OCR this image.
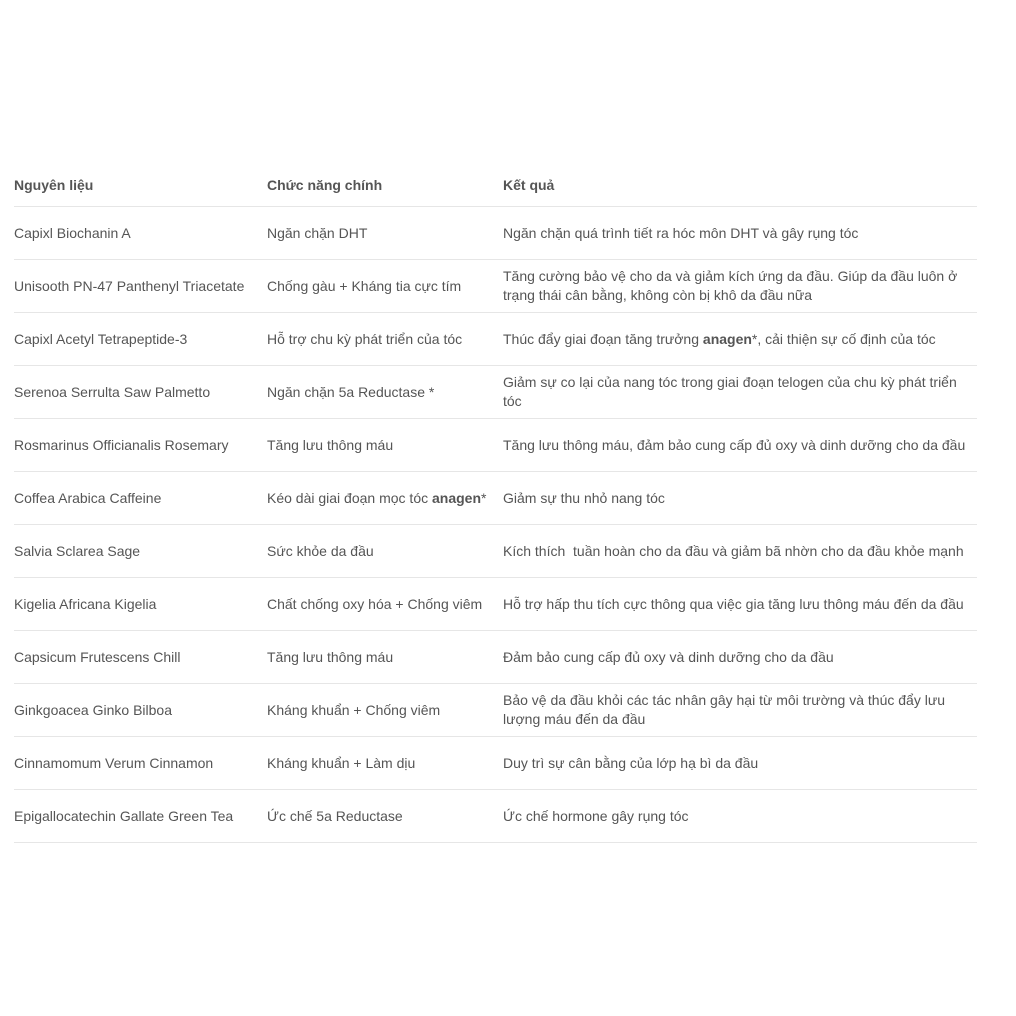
Nguyên liệu	Chức năng chính	Kết quả
Capixl Biochanin A	Ngăn chặn DHT	Ngăn chặn quá trình tiết ra hóc môn DHT và gây rụng tóc
Unisooth PN-47 Panthenyl Triacetate	Chống gàu + Kháng tia cực tím	Tăng cường bảo vệ cho da và giảm kích ứng da đầu. Giúp da đầu luôn ở trạng thái cân bằng, không còn bị khô da đầu nữa
Capixl Acetyl Tetrapeptide-3	Hỗ trợ chu kỳ phát triển của tóc	Thúc đẩy giai đoạn tăng trưởng anagen*, cải thiện sự cố định của tóc
Serenoa Serrulta Saw Palmetto	Ngăn chặn 5a Reductase *	Giảm sự co lại của nang tóc trong giai đoạn telogen của chu kỳ phát triển tóc
Rosmarinus Officianalis Rosemary	Tăng lưu thông máu	Tăng lưu thông máu, đảm bảo cung cấp đủ oxy và dinh dưỡng cho da đầu
Coffea Arabica Caffeine	Kéo dài giai đoạn mọc tóc anagen*	Giảm sự thu nhỏ nang tóc
Salvia Sclarea Sage	Sức khỏe da đầu	Kích thích  tuần hoàn cho da đầu và giảm bã nhờn cho da đầu khỏe mạnh
Kigelia Africana Kigelia	Chất chống oxy hóa + Chống viêm	Hỗ trợ hấp thu tích cực thông qua việc gia tăng lưu thông máu đến da đầu
Capsicum Frutescens Chill	Tăng lưu thông máu	Đảm bảo cung cấp đủ oxy và dinh dưỡng cho da đầu
Ginkgoacea Ginko Bilboa	Kháng khuẩn + Chống viêm	Bảo vệ da đầu khỏi các tác nhân gây hại từ môi trường và thúc đẩy lưu lượng máu đến da đầu
Cinnamomum Verum Cinnamon	Kháng khuẩn + Làm dịu	Duy trì sự cân bằng của lớp hạ bì da đầu
Epigallocatechin Gallate Green Tea	Ức chế 5a Reductase	Ức chế hormone gây rụng tóc
